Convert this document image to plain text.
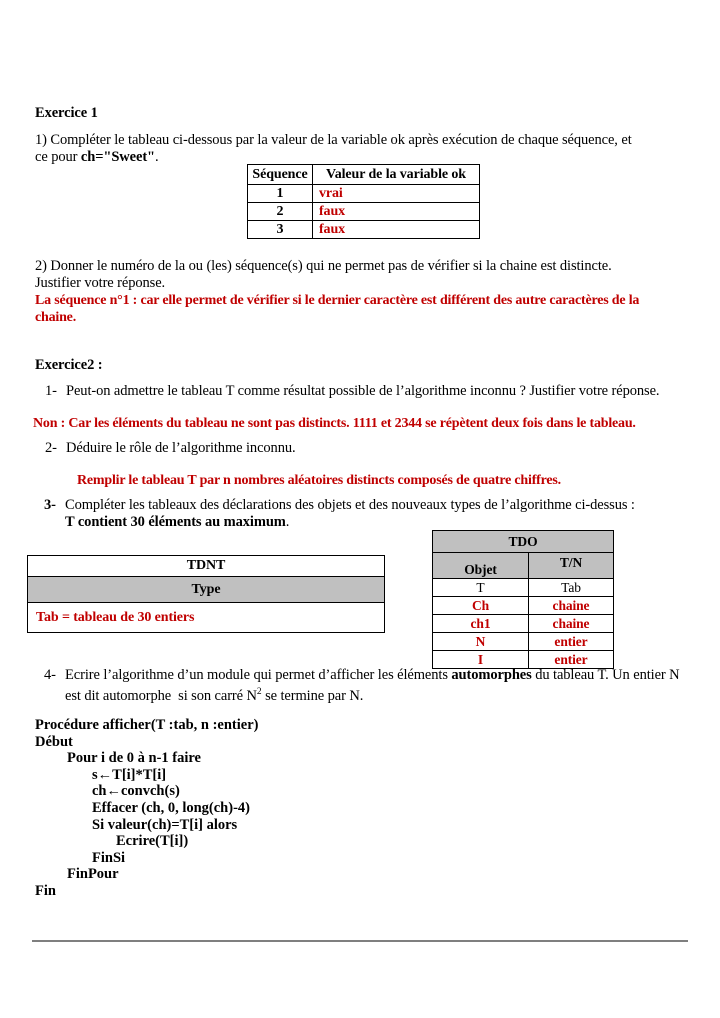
Exercice 1
1) Compléter le tableau ci-dessous par la valeur de la variable ok après exécution de chaque séquence, et
ce pour ch="Sweet".
Séquence	Valeur de la variable ok
1	vrai
2	faux
3	faux
2) Donner le numéro de la ou (les) séquence(s) qui ne permet pas de vérifier si la chaine est distincte.
Justifier votre réponse.
La séquence n°1 : car elle permet de vérifier si le dernier caractère est différent des autre caractères de la
chaine.
Exercice2 :
1- Peut-on admettre le tableau T comme résultat possible de l’algorithme inconnu ? Justifier votre réponse.
Non : Car les éléments du tableau ne sont pas distincts. 1111 et 2344 se répètent deux fois dans le tableau.
2- Déduire le rôle de l’algorithme inconnu.
Remplir le tableau T par n nombres aléatoires distincts composés de quatre chiffres.
3- Compléter les tableaux des déclarations des objets et des nouveaux types de l’algorithme ci-dessus :
T contient 30 éléments au maximum.
TDO	
Objet	T/N
T	Tab
Ch	chaine
ch1	chaine
N	entier
I	entier
TDNT
Type
Tab = tableau de 30 entiers
4- Ecrire l’algorithme d’un module qui permet d’afficher les éléments automorphes du tableau T. Un entier N
est dit automorphe  si son carré $N^2$ se termine par N.
Procédure afficher(T :tab, n :entier)
Début
Pour i de 0 à n-1 faire
s←T[i]*T[i]
ch←convch(s)
Effacer (ch, 0, long(ch)-4)
Si valeur(ch)=T[i] alors
Ecrire(T[i])
FinSi
FinPour
Fin
